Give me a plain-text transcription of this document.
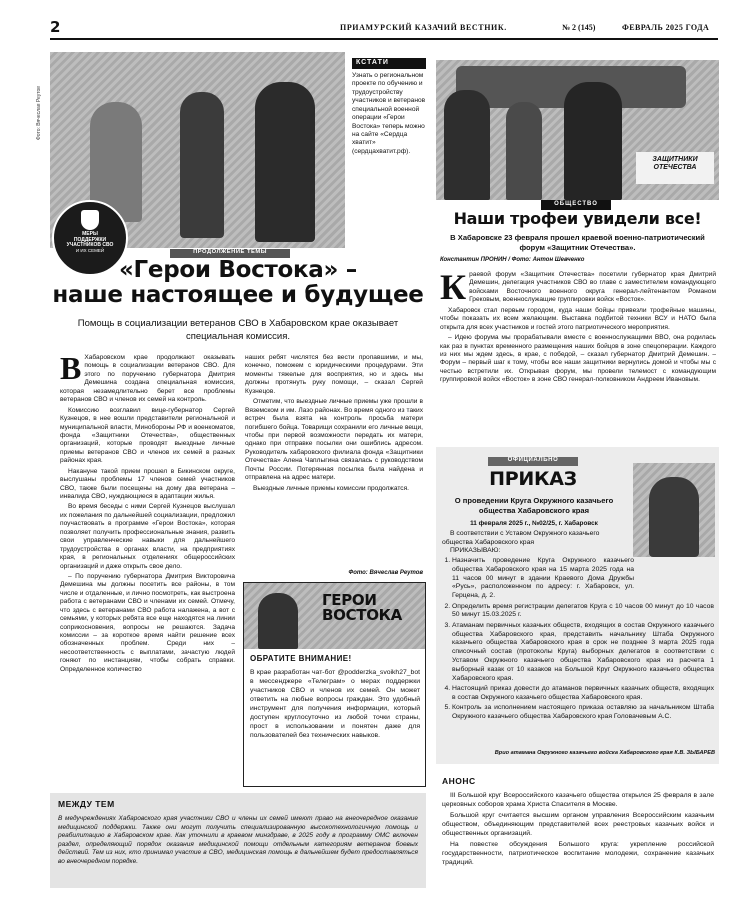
2	ПРИАМУРСКИЙ КАЗАЧИЙ ВЕСТНИК.	№ 2 (145)	ФЕВРАЛЬ 2025 ГОДА
Фото: Вячеслав Реутов
МЕРЫ
ПОДДЕРЖКИ
УЧАСТНИКОВ СВО
И ИХ СЕМЕЙ
КСТАТИ
Узнать о региональном проекте по обучению и трудоустройству участников и ветеранов специальной военной операции «Герои Востока» теперь можно на сайте «Сердца хватит» (сердцахватит.рф).
ПРОДОЛЖЕНИЕ ТЕМЫ
«Герои Востока» –
наше настоящее и будущее
Помощь в социализации ветеранов СВО в Хабаровском крае оказывает
специальная комиссия.
В Хабаровском крае продолжают оказывать помощь в социализации ветеранов СВО. Для этого по поручению губернатора Дмитрия Демешина создана специальная комиссия, которая незамедлительно берет все проблемы ветеранов СВО и членов их семей на контроль.

Комиссию возглавил вице-губернатор Сергей Кузнецов, в нее вошли представители региональной и муниципальной власти, Минобороны РФ и военкоматов, фонда «Защитники Отечества», общественных организаций, которые проводят выездные личные приемы ветеранов СВО и членов их семей в разных районах края.

Накануне такой прием прошел в Бикинском округе, выслушаны проблемы 17 членов семей участников СВО, также были посещены на дому два ветерана – инвалида СВО, нуждающиеся в адаптации жилья.

Во время беседы с ними Сергей Кузнецов выслушал их пожелания по дальнейшей социализации, предложил поучаствовать в программе «Герои Востока», которая позволяет получить профессиональные знания, развить свои управленческие навыки для дальнейшего трудоустройства в органах власти, на предприятиях края, в региональных отделениях общероссийских организаций и даже открыть свое дело.

– По поручению губернатора Дмитрия Викторовича Демешина мы должны посетить все районы, в том числе и отдаленные, и лично посмотреть, как выстроена работа с ветеранами СВО и членами их семей. Отмечу, что здесь с ветеранами СВО работа налажена, а вот с семьями, у которых ребята все еще находятся на линии соприкосновения, вопросы не решаются. Задача комиссии – за короткое время найти решение всех обозначенных проблем. Среди них – несоответственность с выплатами, зачастую людей гоняют по инстанциям, чтобы собрать справки. Определенное количество

наших ребят числятся без вести пропавшими, и мы, конечно, поможем с юридическими процедурами. Эти моменты тяжелые для восприятия, но и здесь мы должны протянуть руку помощи, – сказал Сергей Кузнецов.

Отметим, что выездные личные приемы уже прошли в Вяземском и им. Лазо районах. Во время одного из таких встреч была взята на контроль просьба матери погибшего бойца. Товарищи сохранили его личные вещи, чтобы при первой возможности передать их матери, однако при отправке посылки они ошиблись адресом. Руководитель хабаровского филиала фонда «Защитники Отечества» Алена Чаплыгина связалась с руководством Почты России. Потерянная посылка была найдена и отправлена на адрес матери.

Выездные личные приемы комиссии продолжатся.

Фото: Вячеслав Реутов
ГЕРОИ
ВОСТОКА
ОБРАТИТЕ ВНИМАНИЕ!
В крае разработан чат-бот @podderzka_svoikh27_bot в мессенджере «Телеграм» о мерах поддержки участников СВО и членов их семей. Он может ответить на любые вопросы граждан. Это удобный инструмент для получения информации, который доступен круглосуточно из любой точки страны, прост в использовании и понятен даже для пользователей без технических навыков.
МЕЖДУ ТЕМ
В медучреждениях Хабаровского края участники СВО и члены их семей имеют право на внеочередное оказание медицинской поддержки. Также они могут получить специализированную высокотехнологичную помощь и реабилитацию в Хабаровском крае. Как уточнили в краевом минздраве, в 2025 году в программу ОМС включен раздел, определяющий порядок оказания медицинской помощи отдельным категориям ветеранов боевых действий. Тем из них, кто принимал участие в СВО, медицинская помощь в дальнейшем будет предоставляться во внеочередном порядке.
ЗАЩИТНИКИ
ОТЕЧЕСТВА
ОБЩЕСТВО
Наши трофеи увидели все!
В Хабаровске 23 февраля прошел краевой военно-патриотический форум «Защитник Отечества».
Константин ПРОНИН / Фото: Антон Шевченко
К раевой форум «Защитник Отечества» посетили губернатор края Дмитрий Демешин, делегация участников СВО во главе с заместителем командующего войсками Восточного военного округа генерал-лейтенантом Романом Грековым, военнослужащие группировки войск «Восток».

Хабаровск стал первым городом, куда наши бойцы привезли трофейные машины, чтобы показать их всем желающим. Выставка подбитой техники ВСУ и НАТО была открыта для всех участников и гостей этого патриотического мероприятия.

– Идею форума мы прорабатывали вместе с военнослужащими ВВО, она родилась как раз в пунктах временного размещения наших бойцов в зоне спецоперации. Каждого из них мы ждем здесь, в крае, с победой, – сказал губернатор Дмитрий Демешин. – Форум – первый шаг к тому, чтобы все наши защитники вернулись домой и чтобы мы с честью встретили их. Открывая форум, мы провели телемост с командующим группировкой войск «Восток» в зоне СВО генерал-полковником Андреем Ивановым.

ОФИЦИАЛЬНО
ПРИКАЗ
О проведении Круга Окружного казачьего общества Хабаровского края
11 февраля 2025 г., №02/25, г. Хабаровск
В соответствии с Уставом Окружного казачьего общества Хабаровского края
ПРИКАЗЫВАЮ:
1. Назначить проведение Круга Окружного казачьего общества Хабаровского края на 15 марта 2025 года на 11 часов 00 минут в здании Краевого Дома Дружбы «Русь», расположенном по адресу: г. Хабаровск, ул. Герцена, д. 2.
2. Определить время регистрации делегатов Круга с 10 часов 00 минут до 10 часов 50 минут 15.03.2025 г.
3. Атаманам первичных казачьих обществ, входящих в состав Окружного казачьего общества Хабаровского края, представить начальнику Штаба Окружного казачьего общества Хабаровского края в срок не позднее 3 марта 2025 года списочный состав (протоколы Круга) выборных делегатов в соответствии с Уставом Окружного казачьего общества Хабаровского края из расчета 1 выборный казак от 10 казаков на Большой Круг Окружного казачьего общества Хабаровского края.
4. Настоящий приказ довести до атаманов первичных казачьих обществ, входящих в состав Окружного казачьего общества Хабаровского края.
5. Контроль за исполнением настоящего приказа оставляю за начальником Штаба Окружного казачьего общества Хабаровского края Головачевым А.С.
Врио атамана Окружного казачьего войска Хабаровского края К.В. ЗЫБАРЕВ
АНОНС

III Большой круг Всероссийского казачьего общества открылся 25 февраля в зале церковных соборов храма Христа Спасителя в Москве.

Большой круг считается высшим органом управления Всероссийским казачьим обществом, объединяющим представителей всех реестровых казачьих войск и общественных организаций.

На повестке обсуждения Большого круга: укрепление российской государственности, патриотическое воспитание молодежи, сохранение казачьих традиций.
